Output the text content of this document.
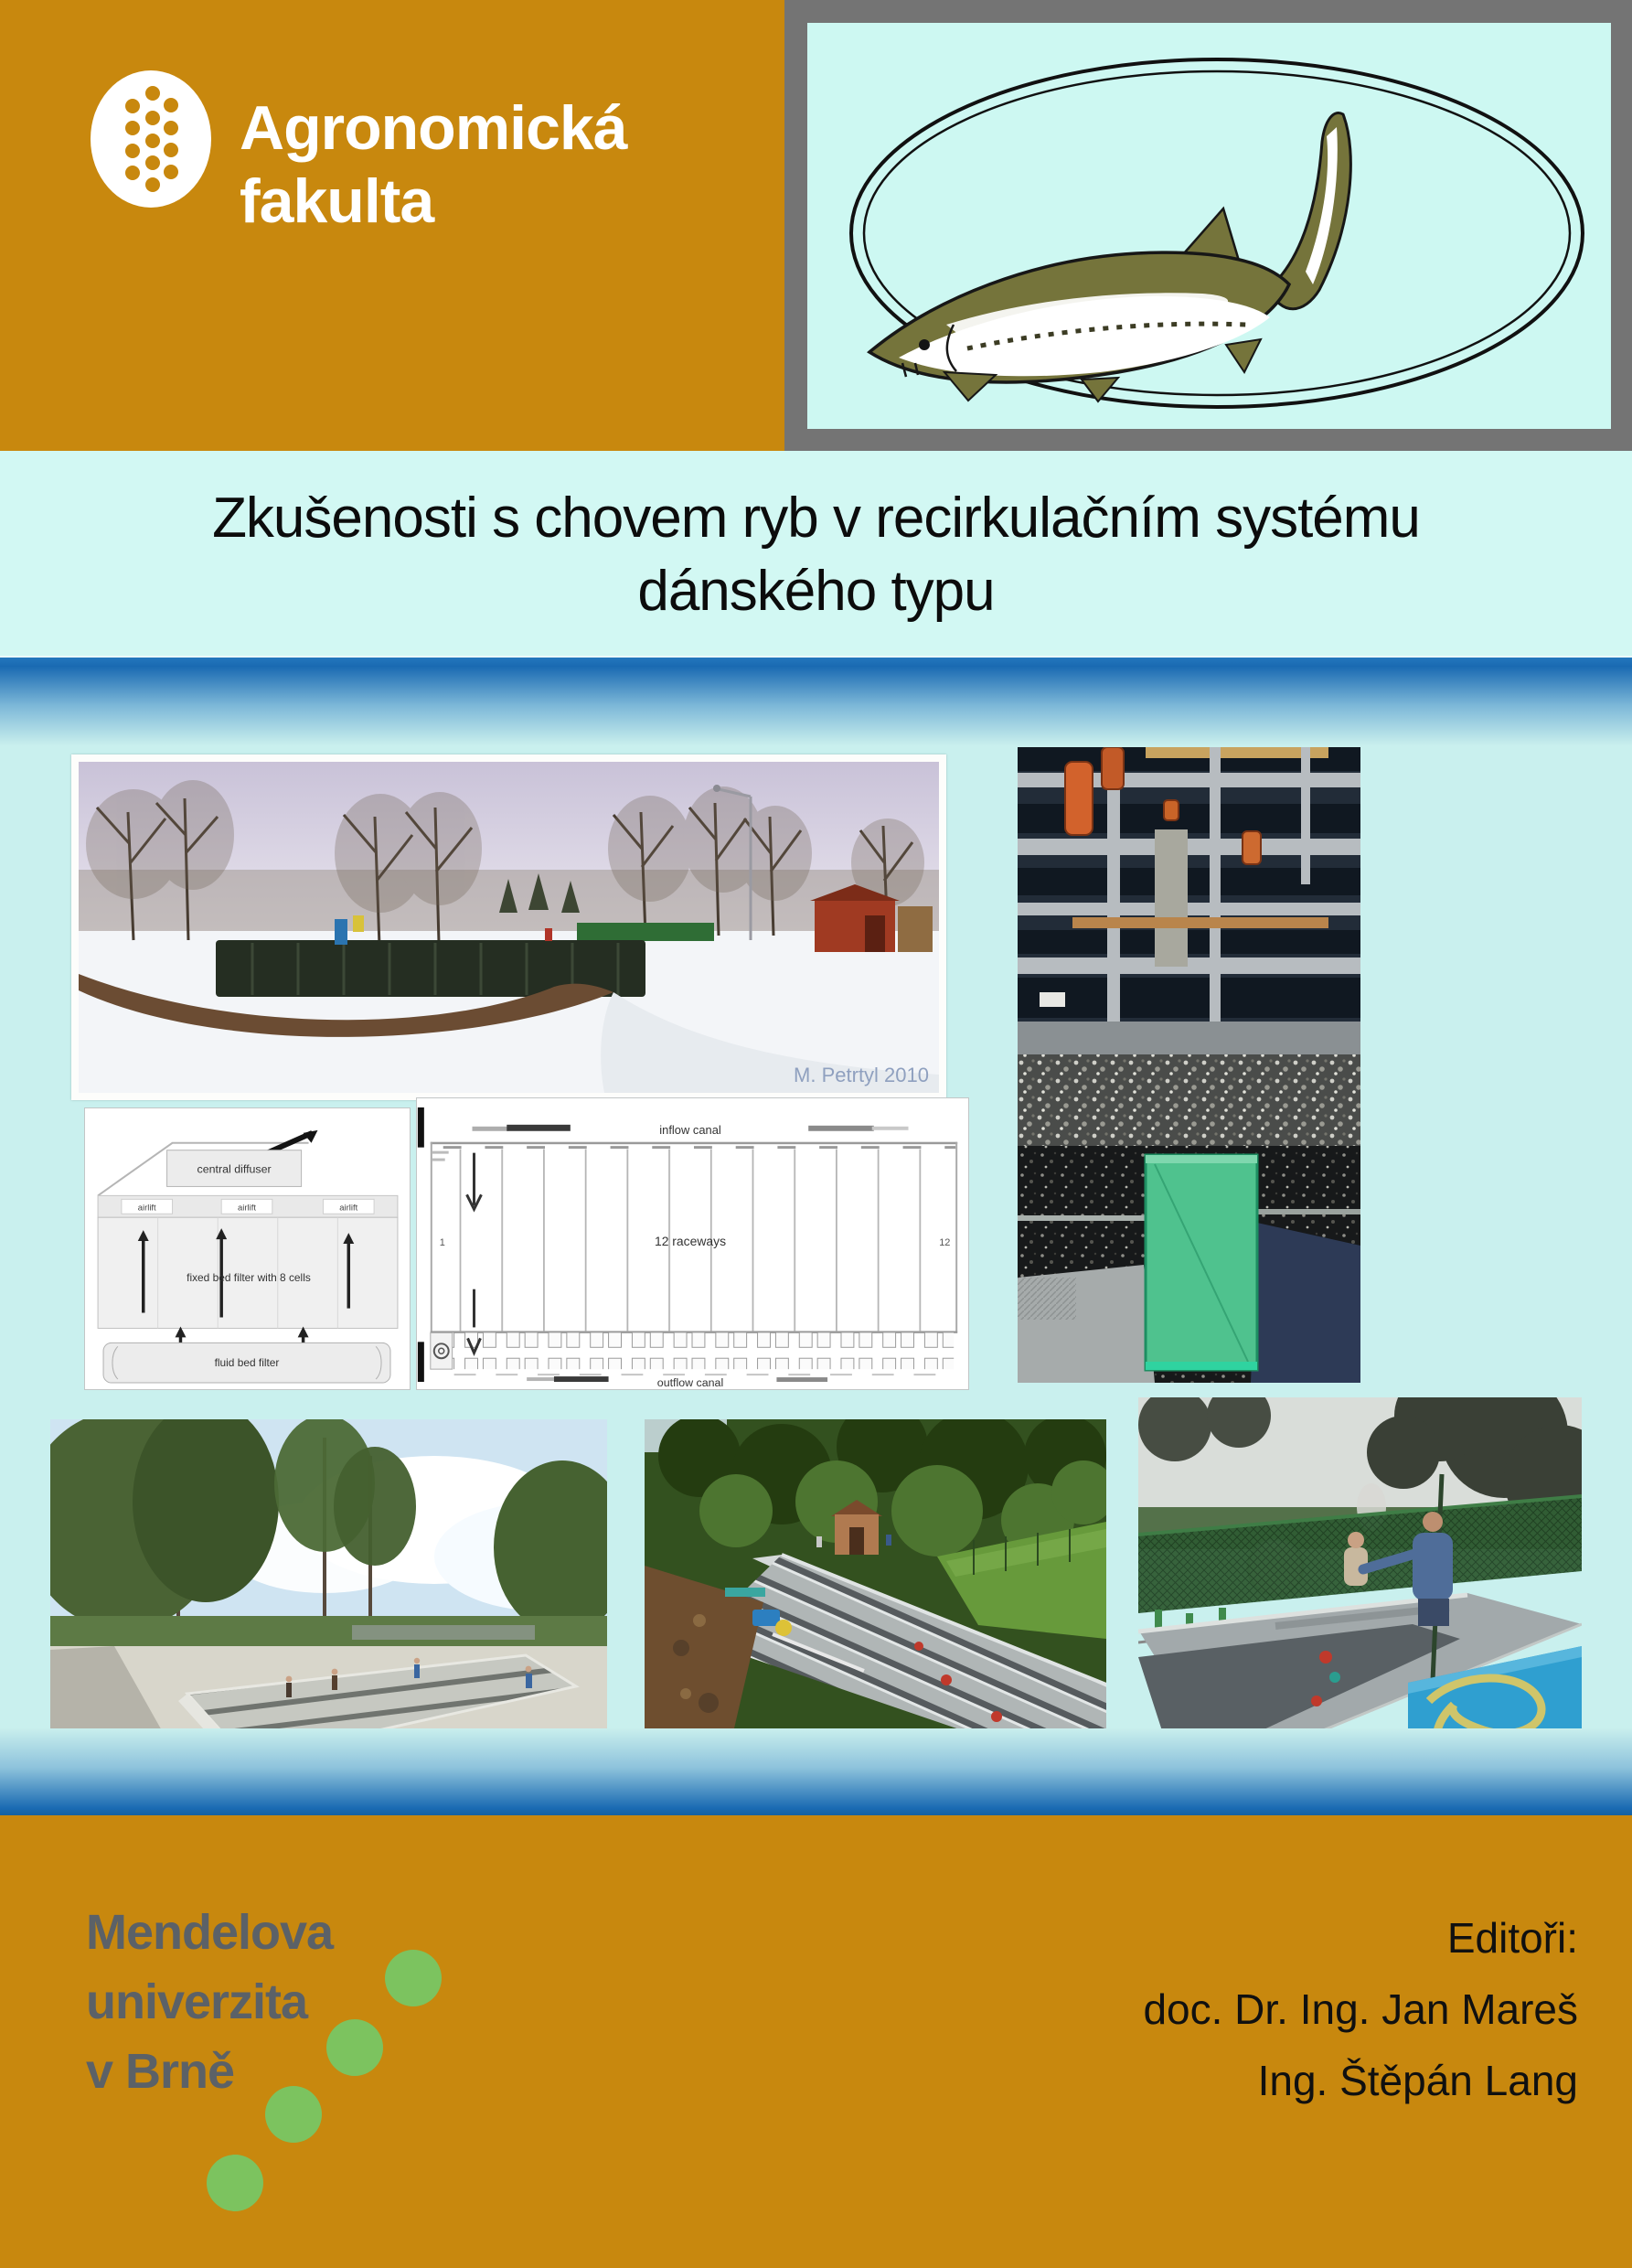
Agronomická
fakulta
Zkušenosti s chovem ryb v recirkulačním systému
dánského typu
M. Petrtyl 2010
central diffuser
airlift	airlift	airlift
fixed bed filter with 8 cells
fluid bed filter
inflow canal
1	12 raceways	12
outflow canal
Mendelova
univerzita
v Brně
Editoři:
doc. Dr. Ing. Jan Mareš
Ing. Štěpán Lang
